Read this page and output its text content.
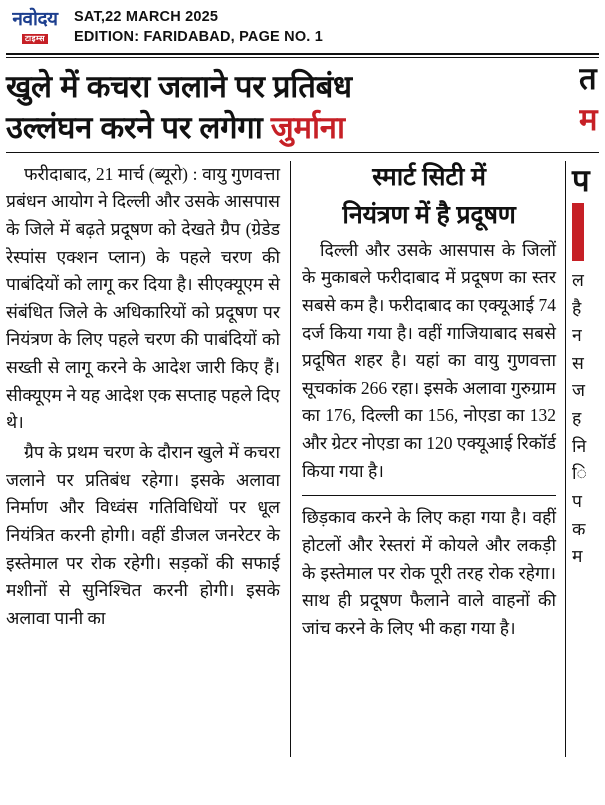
नवोदय
टाइम्स
SAT,22 MARCH 2025
EDITION: FARIDABAD, PAGE NO. 1
खुले में कचरा जलाने पर प्रतिबंध
उल्लंघन करने पर लगेगा जुर्माना
त
म

फरीदाबाद, 21 मार्च (ब्यूरो) : वायु गुणवत्ता प्रबंधन आयोग ने दिल्ली और उसके आसपास के जिले में बढ़ते प्रदूषण को देखते ग्रैप (ग्रेडेड रेस्पांस एक्शन प्लान) के पहले चरण की पाबंदियों को लागू कर दिया है। सीएक्यूएम से संबंधित जिले के अधिकारियों को प्रदूषण पर नियंत्रण के लिए पहले चरण की पाबंदियों को सख्ती से लागू करने के आदेश जारी किए हैं। सीक्यूएम ने यह आदेश एक सप्ताह पहले दिए थे।

ग्रैप के प्रथम चरण के दौरान खुले में कचरा जलाने पर प्रतिबंध रहेगा। इसके अलावा निर्माण और विध्वंस गतिविधियों पर धूल नियंत्रित करनी होगी। वहीं डीजल जनरेटर के इस्तेमाल पर रोक रहेगी। सड़कों की सफाई मशीनों से सुनिश्चित करनी होगी। इसके अलावा पानी का

स्मार्ट सिटी में
नियंत्रण में है प्रदूषण

दिल्ली और उसके आसपास के जिलों के मुकाबले फरीदाबाद में प्रदूषण का स्तर सबसे कम है। फरीदाबाद का एक्यूआई 74 दर्ज किया गया है। वहीं गाजियाबाद सबसे प्रदूषित शहर है। यहां का वायु गुणवत्ता सूचकांक 266 रहा। इसके अलावा गुरुग्राम का 176, दिल्ली का 156, नोएडा का 132 और ग्रेटर नोएडा का 120 एक्यूआई रिकॉर्ड किया गया है।

छिड़काव करने के लिए कहा गया है। वहीं होटलों और रेस्तरां में कोयले और लकड़ी के इस्तेमाल पर रोक पूरी तरह रोक रहेगा। साथ ही प्रदूषण फैलाने वाले वाहनों की जांच करने के लिए भी कहा गया है।

प
ल
है
न
स
ज
ह
नि
ि
प
क
म
